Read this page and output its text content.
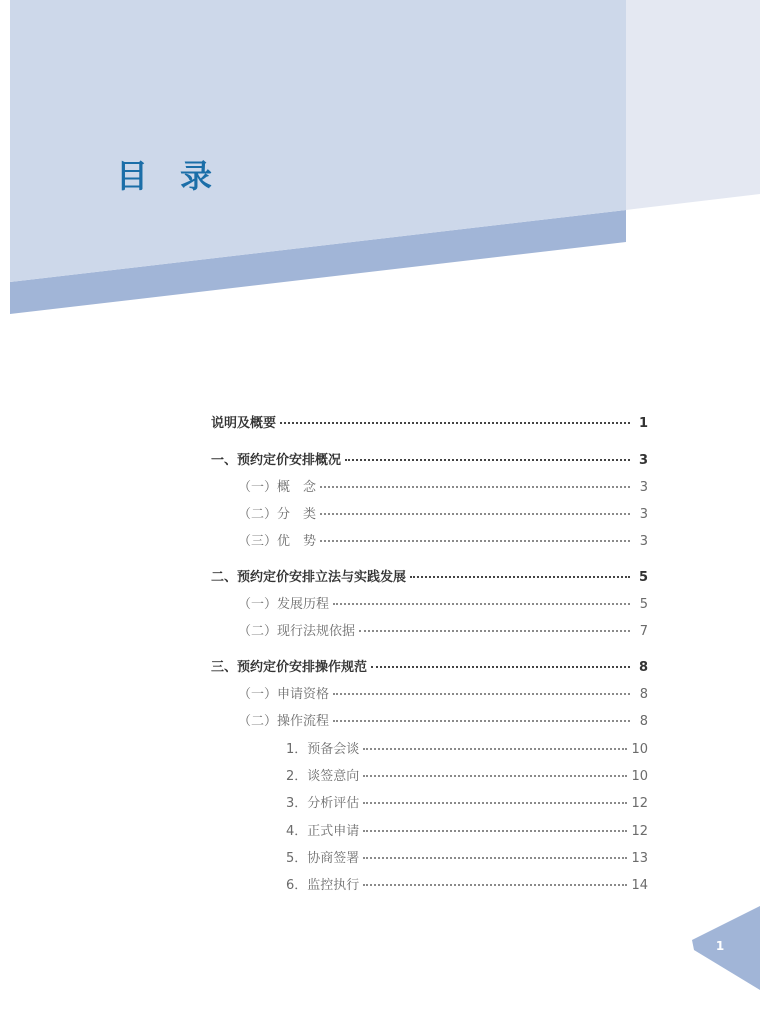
目 录
说明及概要	1
一、预约定价安排概况	3
（一）概　念	3
（二）分　类	3
（三）优　势	3
二、预约定价安排立法与实践发展	5
（一）发展历程	5
（二）现行法规依据	7
三、预约定价安排操作规范	8
（一）申请资格	8
（二）操作流程	8
1．预备会谈	10
2．谈签意向	10
3．分析评估	12
4．正式申请	12
5．协商签署	13
6．监控执行	14
1
